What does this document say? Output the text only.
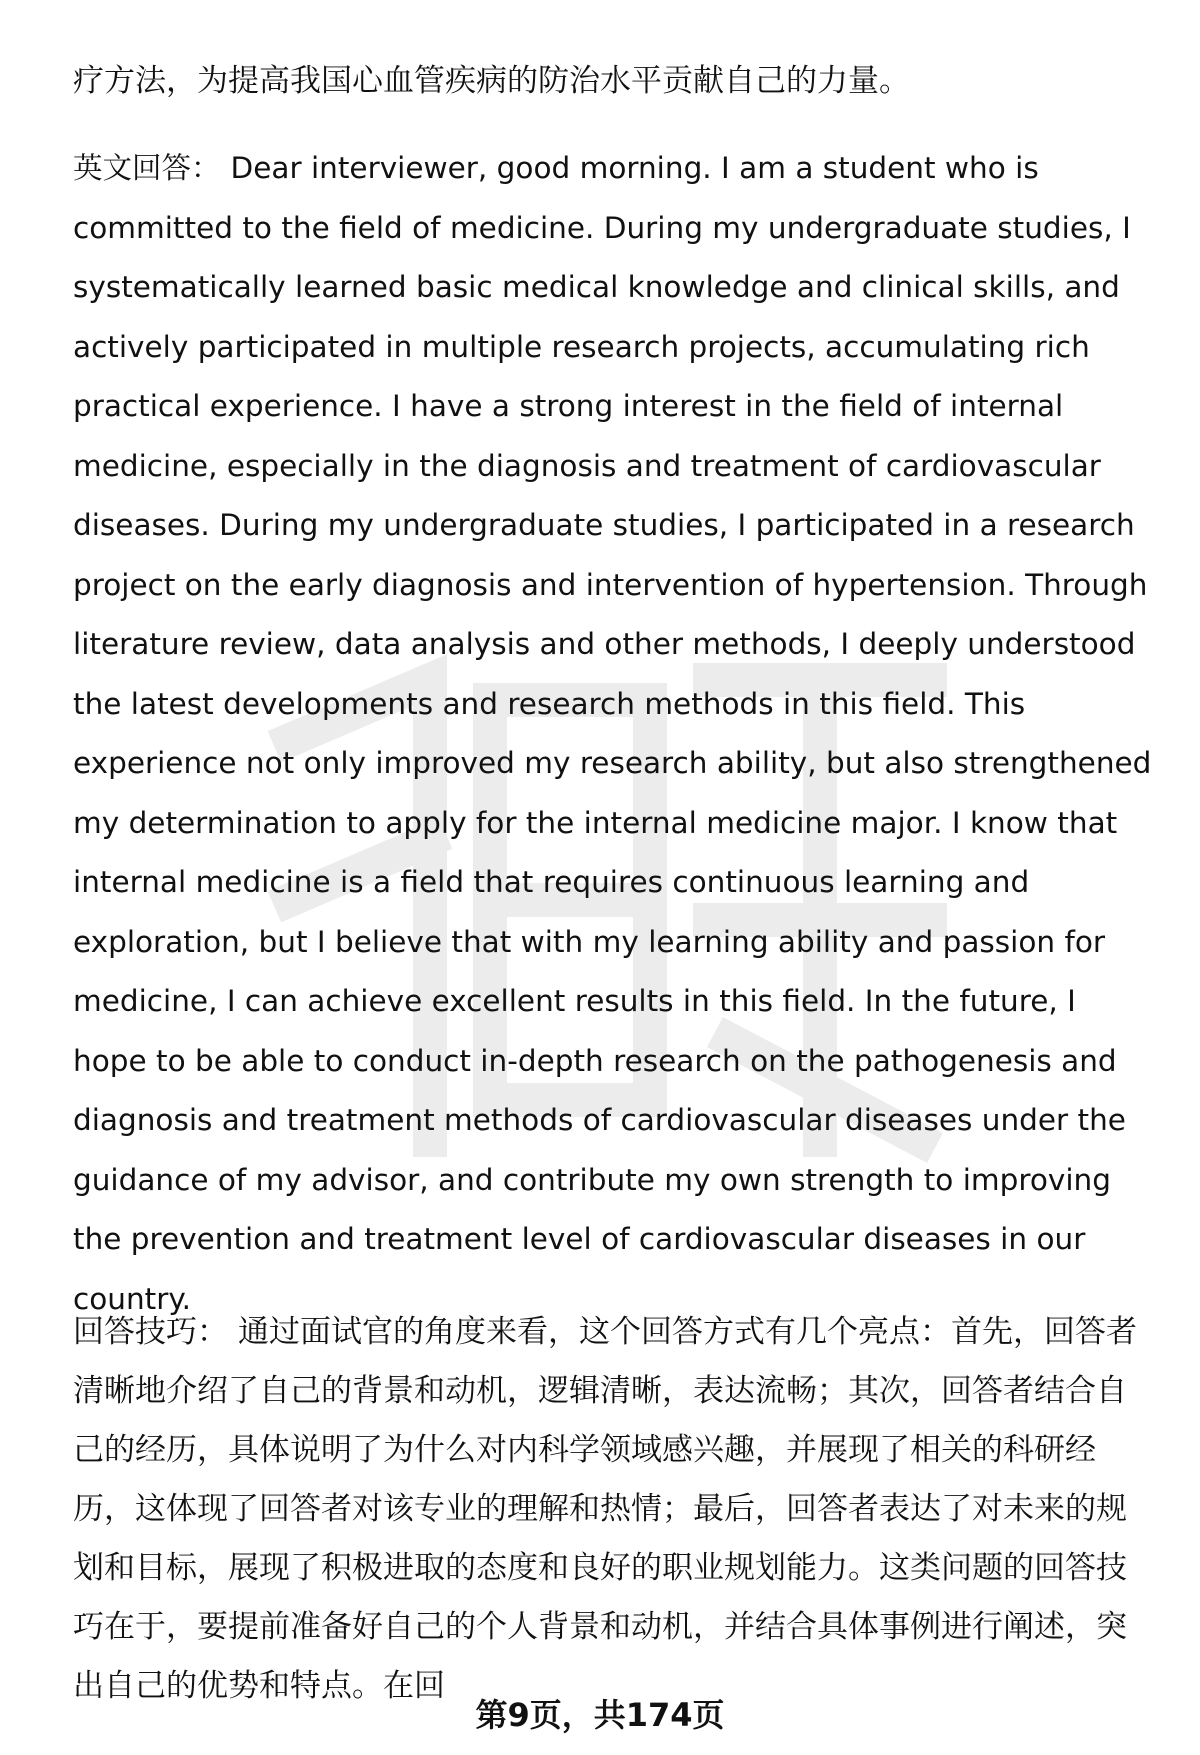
疗方法，为提高我国心血管疾病的防治水平贡献自己的力量。

英文回答： Dear interviewer, good morning. I am a student who is committed to the field of medicine. During my undergraduate studies, I systematically learned basic medical knowledge and clinical skills, and actively participated in multiple research projects, accumulating rich practical experience. I have a strong interest in the field of internal medicine, especially in the diagnosis and treatment of cardiovascular diseases. During my undergraduate studies, I participated in a research project on the early diagnosis and intervention of hypertension. Through literature review, data analysis and other methods, I deeply understood the latest developments and research methods in this field. This experience not only improved my research ability, but also strengthened my determination to apply for the internal medicine major. I know that internal medicine is a field that requires continuous learning and exploration, but I believe that with my learning ability and passion for medicine, I can achieve excellent results in this field. In the future, I hope to be able to conduct in-depth research on the pathogenesis and diagnosis and treatment methods of cardiovascular diseases under the guidance of my advisor, and contribute my own strength to improving the prevention and treatment level of cardiovascular diseases in our country.

回答技巧： 通过面试官的角度来看，这个回答方式有几个亮点：首先，回答者清晰地介绍了自己的背景和动机，逻辑清晰，表达流畅；其次，回答者结合自己的经历，具体说明了为什么对内科学领域感兴趣，并展现了相关的科研经历，这体现了回答者对该专业的理解和热情；最后，回答者表达了对未来的规划和目标，展现了积极进取的态度和良好的职业规划能力。这类问题的回答技巧在于，要提前准备好自己的个人背景和动机，并结合具体事例进行阐述，突出自己的优势和特点。在回

第9页，共174页
